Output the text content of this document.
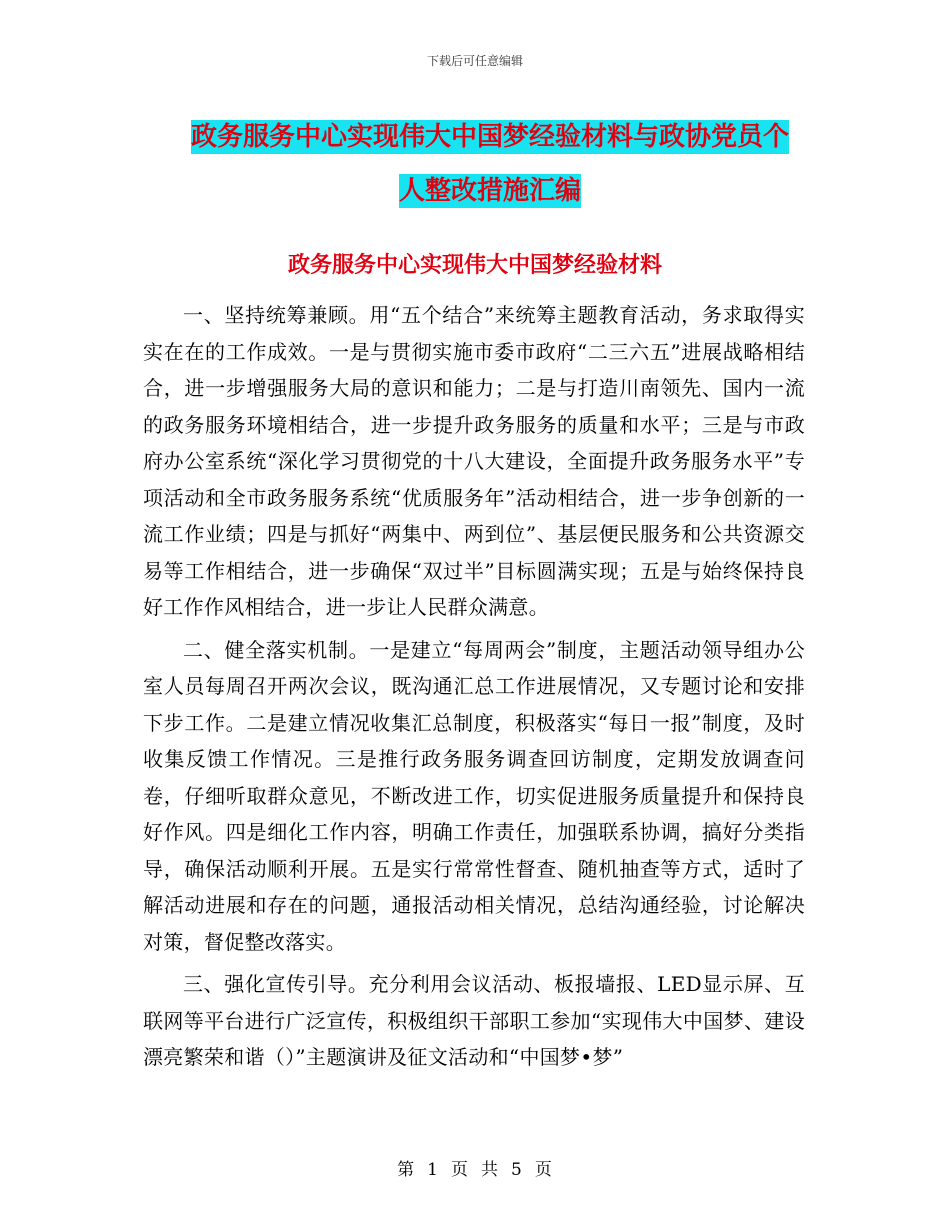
下载后可任意编辑
政务服务中心实现伟大中国梦经验材料与政协党员个
人整改措施汇编
政务服务中心实现伟大中国梦经验材料

一、坚持统筹兼顾。用“五个结合”来统筹主题教育活动，务求取得实实在在的工作成效。一是与贯彻实施市委市政府“二三六五”进展战略相结合，进一步增强服务大局的意识和能力；二是与打造川南领先、国内一流的政务服务环境相结合，进一步提升政务服务的质量和水平；三是与市政府办公室系统“深化学习贯彻党的十八大建设，全面提升政务服务水平”专项活动和全市政务服务系统“优质服务年”活动相结合，进一步争创新的一流工作业绩；四是与抓好“两集中、两到位”、基层便民服务和公共资源交易等工作相结合，进一步确保“双过半”目标圆满实现；五是与始终保持良好工作作风相结合，进一步让人民群众满意。

二、健全落实机制。一是建立“每周两会”制度，主题活动领导组办公室人员每周召开两次会议，既沟通汇总工作进展情况，又专题讨论和安排下步工作。二是建立情况收集汇总制度，积极落实“每日一报”制度，及时收集反馈工作情况。三是推行政务服务调查回访制度，定期发放调查问卷，仔细听取群众意见，不断改进工作，切实促进服务质量提升和保持良好作风。四是细化工作内容，明确工作责任，加强联系协调，搞好分类指导，确保活动顺利开展。五是实行常常性督查、随机抽查等方式，适时了解活动进展和存在的问题，通报活动相关情况，总结沟通经验，讨论解决对策，督促整改落实。

三、强化宣传引导。充分利用会议活动、板报墙报、LED显示屏、互联网等平台进行广泛宣传，积极组织干部职工参加“实现伟大中国梦、建设漂亮繁荣和谐（）”主题演讲及征文活动和“中国梦•梦”

第 1 页 共 5 页
